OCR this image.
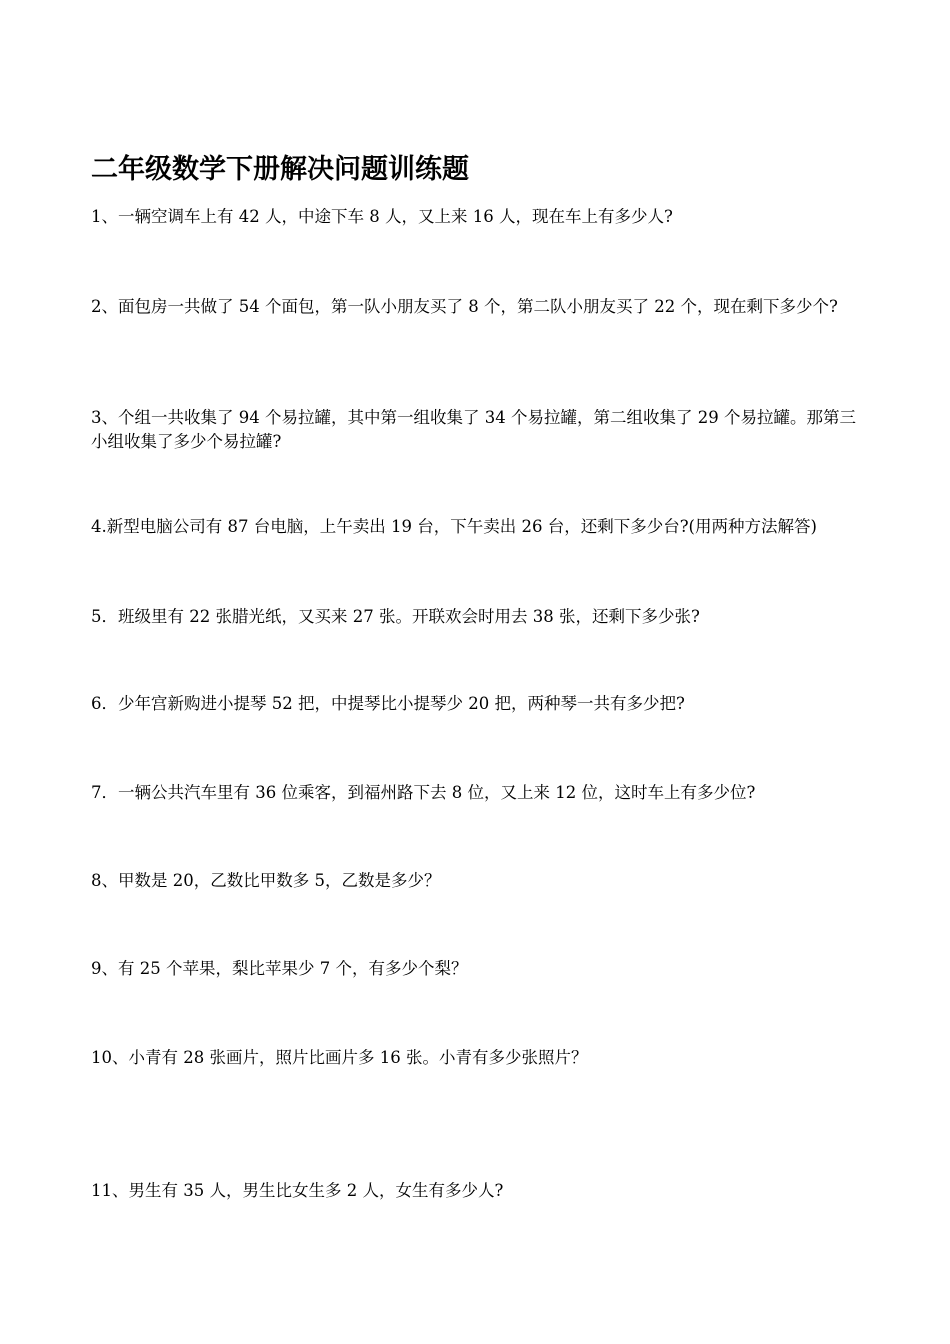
二年级数学下册解决问题训练题

1、一辆空调车上有 42 人，中途下车 8 人，又上来 16 人，现在车上有多少人?

2、面包房一共做了 54 个面包，第一队小朋友买了 8 个，第二队小朋友买了 22 个，现在剩下多少个?

3、个组一共收集了 94 个易拉罐，其中第一组收集了 34 个易拉罐，第二组收集了 29 个易拉罐。那第三小组收集了多少个易拉罐?

4.新型电脑公司有 87 台电脑，上午卖出 19 台，下午卖出 26 台，还剩下多少台?(用两种方法解答)

5．班级里有 22 张腊光纸，又买来 27 张。开联欢会时用去 38 张，还剩下多少张?

6．少年宫新购进小提琴 52 把，中提琴比小提琴少 20 把，两种琴一共有多少把?

7．一辆公共汽车里有 36 位乘客，到福州路下去 8 位，又上来 12 位，这时车上有多少位?

8、甲数是 20，乙数比甲数多 5，乙数是多少？

9、有 25 个苹果，梨比苹果少 7 个，有多少个梨？

10、小青有 28 张画片，照片比画片多 16 张。小青有多少张照片？

11、男生有 35 人，男生比女生多 2 人，女生有多少人?
